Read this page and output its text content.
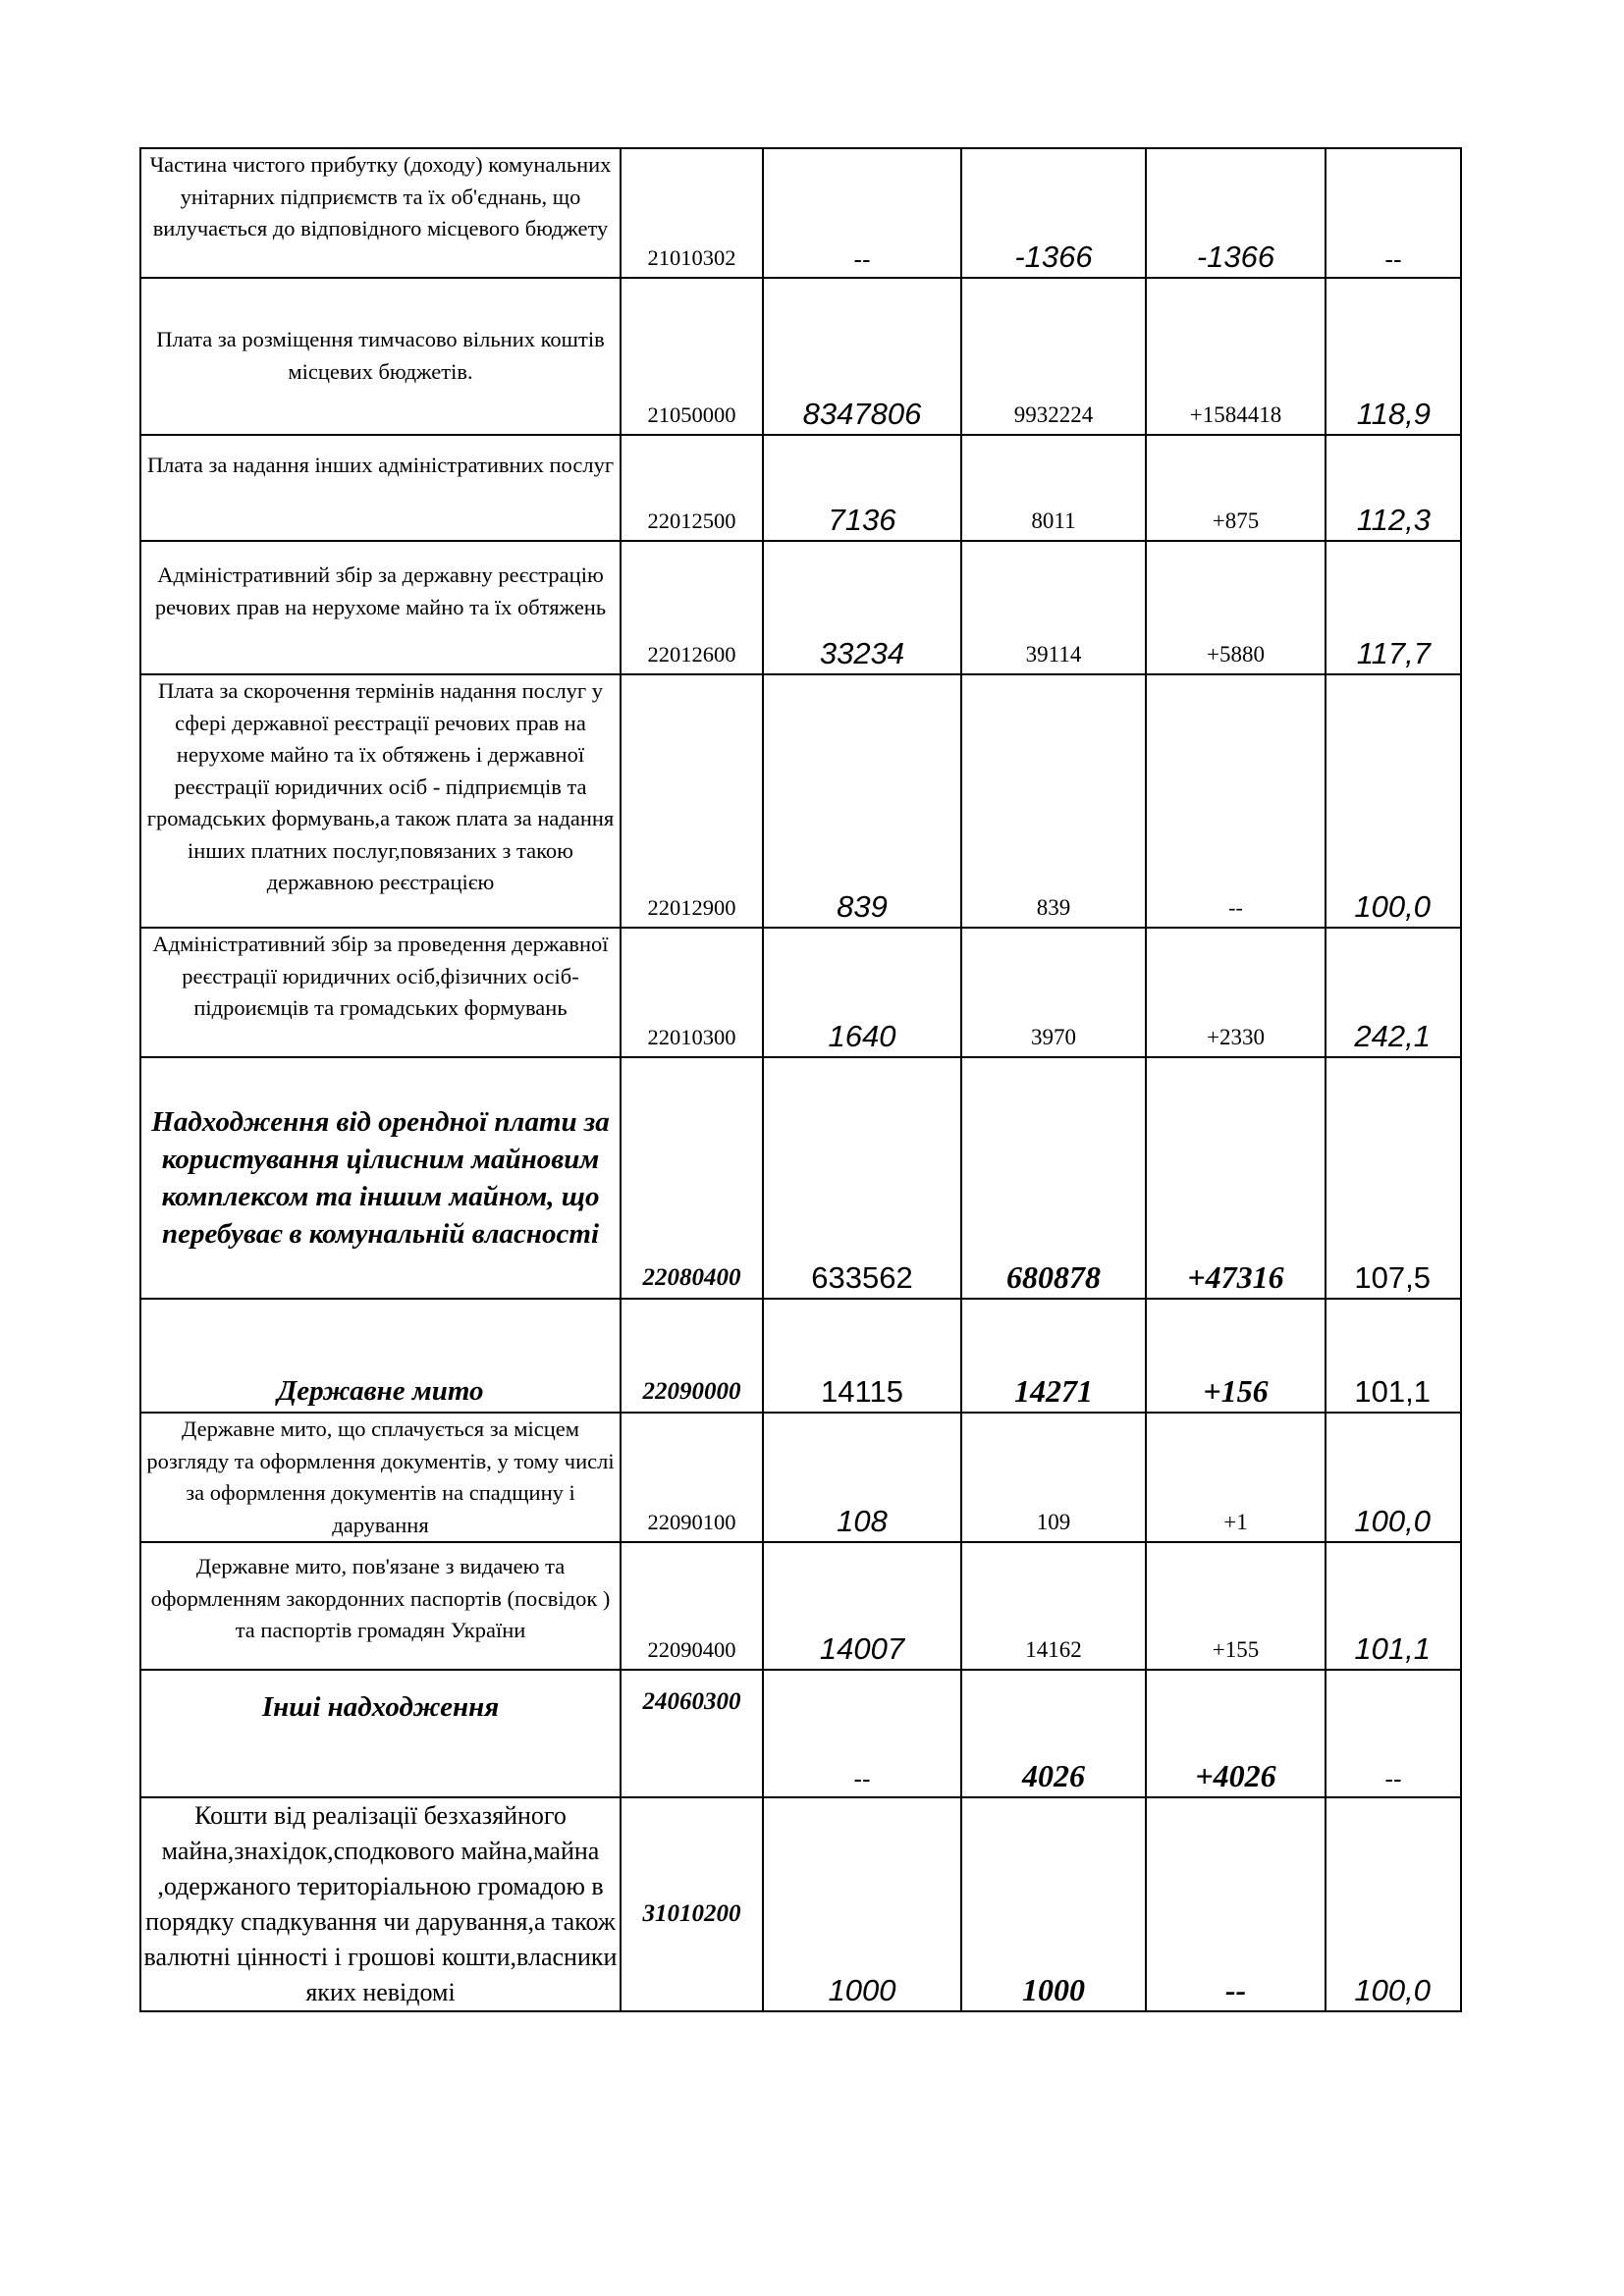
Частина чистого прибутку (доходу) комунальних унітарних підприємств та їх об'єднань, що вилучається до відповідного місцевого бюджету	21010302	--	-1366	-1366	--
Плата за розміщення тимчасово вільних коштів місцевих бюджетів.	21050000	8347806	9932224	+1584418	118,9
Плата за надання інших адміністративних послуг	22012500	7136	8011	+875	112,3
Адміністративний збір за державну реєстрацію речових прав на нерухоме майно та їх обтяжень	22012600	33234	39114	+5880	117,7
Плата за скорочення термінів надання послуг у сфері державної реєстрації речових прав на нерухоме майно та їх обтяжень і державної реєстрації юридичних осіб - підприємців та громадських формувань,а також плата за надання інших платних послуг,повязаних з такою державною реєстрацією	22012900	839	839	--	100,0
Адміністративний збір за проведення державної реєстрації юридичних осіб,фізичних осіб- підроиємців та громадських формувань	22010300	1640	3970	+2330	242,1
Надходження від орендної плати за користування цілисним майновим комплексом та іншим майном, що перебуває в комунальній власності	22080400	633562	680878	+47316	107,5
Державне мито	22090000	14115	14271	+156	101,1
Державне мито, що сплачується за місцем розгляду та оформлення документів, у тому числі за оформлення документів на спадщину і дарування	22090100	108	109	+1	100,0
Державне мито, пов'язане з видачею та оформленням закордонних паспортів (посвідок ) та паспортів громадян України	22090400	14007	14162	+155	101,1
Інші надходження	24060300	--	4026	+4026	--
Кошти від реалізації безхазяйного майна,знахідок,сподкового майна,майна ,одержаного територіальною громадою в порядку спадкування чи дарування,а також валютні цінності і грошові кошти,власники яких невідомі	31010200	1000	1000	--	100,0
